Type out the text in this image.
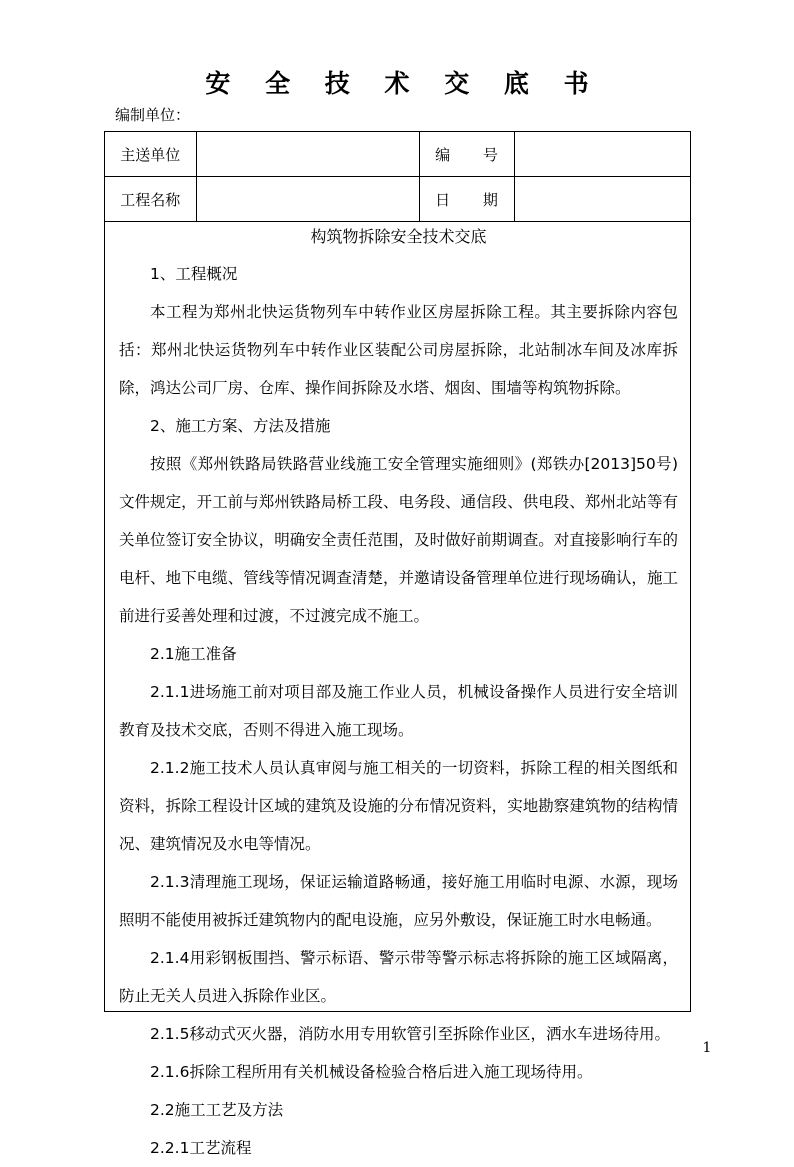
安 全 技 术 交 底 书
编制单位：
主送单位		编 号	
工程名称		日 期	
构筑物拆除安全技术交底

1、工程概况

本工程为郑州北快运货物列车中转作业区房屋拆除工程。其主要拆除内容包括：郑州北快运货物列车中转作业区装配公司房屋拆除，北站制冰车间及冰库拆除，鸿达公司厂房、仓库、操作间拆除及水塔、烟囱、围墙等构筑物拆除。

2、施工方案、方法及措施

按照《郑州铁路局铁路营业线施工安全管理实施细则》(郑铁办[2013]50号)文件规定，开工前与郑州铁路局桥工段、电务段、通信段、供电段、郑州北站等有关单位签订安全协议，明确安全责任范围，及时做好前期调查。对直接影响行车的电杆、地下电缆、管线等情况调查清楚，并邀请设备管理单位进行现场确认，施工前进行妥善处理和过渡，不过渡完成不施工。

2.1施工准备

2.1.1进场施工前对项目部及施工作业人员，机械设备操作人员进行安全培训教育及技术交底，否则不得进入施工现场。

2.1.2施工技术人员认真审阅与施工相关的一切资料，拆除工程的相关图纸和资料，拆除工程设计区域的建筑及设施的分布情况资料，实地勘察建筑物的结构情况、建筑情况及水电等情况。

2.1.3清理施工现场，保证运输道路畅通，接好施工用临时电源、水源，现场照明不能使用被拆迁建筑物内的配电设施，应另外敷设，保证施工时水电畅通。

2.1.4用彩钢板围挡、警示标语、警示带等警示标志将拆除的施工区域隔离，防止无关人员进入拆除作业区。

2.1.5移动式灭火器，消防水用专用软管引至拆除作业区，洒水车进场待用。

2.1.6拆除工程所用有关机械设备检验合格后进入施工现场待用。

2.2施工工艺及方法

2.2.1工艺流程

1
